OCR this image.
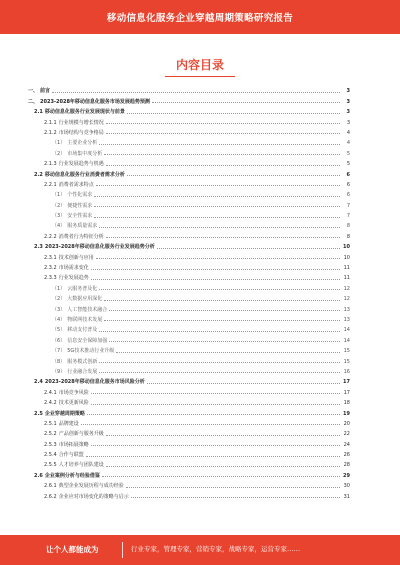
移动信息化服务企业穿越周期策略研究报告
内容目录
一、 前言	3
二、 2023-2028年移动信息化服务市场发展趋势预测	3
2.1 移动信息化服务行业发展现状与前景	3
2.1.1 行业规模与增长情况	3
2.1.2 市场结构与竞争格局	4
（1） 主要企业分析	4
（2） 市场集中度分析	5
2.1.3 行业发展趋势与机遇	5
2.2 移动信息化服务行业消费者需求分析	6
2.2.1 消费者需求特点	6
（1） 个性化需求	6
（2） 便捷性需求	7
（3） 安全性需求	7
（4） 服务质量需求	8
2.2.2 消费者行为特征分析	8
2.3 2023-2028年移动信息化服务行业发展趋势分析	10
2.3.1 技术创新与应用	10
2.3.2 市场需求变化	11
2.3.3 行业发展趋势	11
（1） 云服务普及化	12
（2） 大数据应用深化	12
（3） 人工智能技术融合	13
（4） 物联网技术发展	13
（5） 移动支付普及	14
（6） 信息安全保障加强	14
（7） 5G技术推动行业升级	15
（8） 服务模式创新	15
（9） 行业融合发展	16
2.4 2023-2028年移动信息化服务市场风险分析	17
2.4.1 市场竞争风险	17
2.4.2 技术更新风险	18
2.5 企业穿越周期策略	19
2.5.1 品牌建设	20
2.5.2 产品创新与服务升级	22
2.5.3 市场拓展策略	24
2.5.4 合作与联盟	26
2.5.5 人才培养与团队建设	28
2.6 企业案例分析与经验借鉴	29
2.6.1 典型企业发展历程与成功经验	30
2.6.2 企业应对市场变化的策略与启示	31
让个人都能成为	行业专家，管理专家，营销专家，战略专家，运营专家……
